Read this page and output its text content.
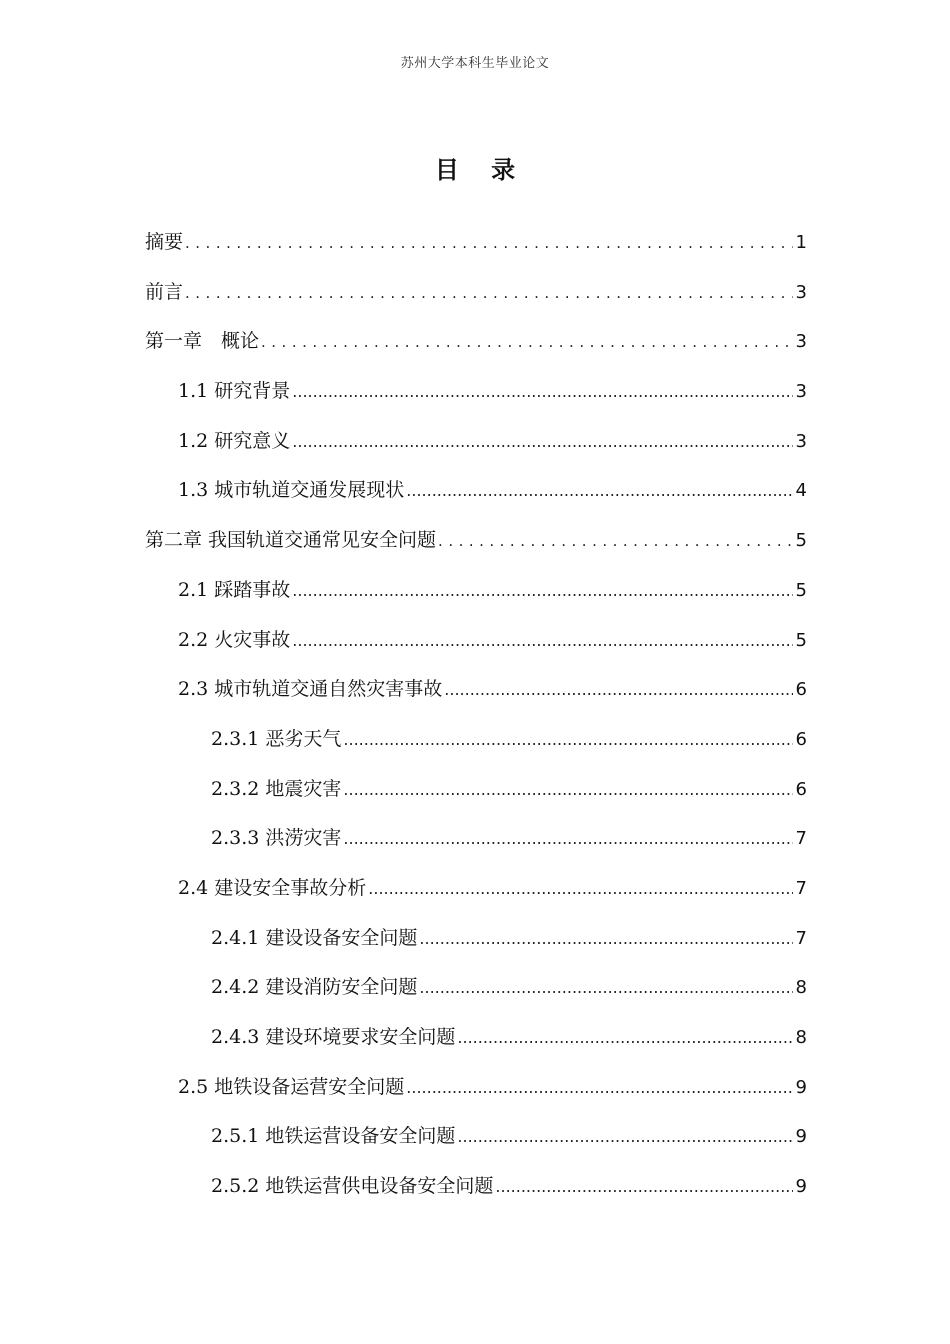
苏州大学本科生毕业论文
目 录
摘要 .....	1
前言 .....	3
第一章　概论 .....	3
1.1 研究背景 .....	3
1.2 研究意义 .....	3
1.3 城市轨道交通发展现状 .....	4
第二章 我国轨道交通常见安全问题 .....	5
2.1 踩踏事故 .....	5
2.2 火灾事故 .....	5
2.3 城市轨道交通自然灾害事故 .....	6
2.3.1 恶劣天气 .....	6
2.3.2 地震灾害 .....	6
2.3.3 洪涝灾害 .....	7
2.4 建设安全事故分析 .....	7
2.4.1 建设设备安全问题 .....	7
2.4.2 建设消防安全问题 .....	8
2.4.3 建设环境要求安全问题 .....	8
2.5 地铁设备运营安全问题 .....	9
2.5.1 地铁运营设备安全问题 .....	9
2.5.2 地铁运营供电设备安全问题 .....	9
